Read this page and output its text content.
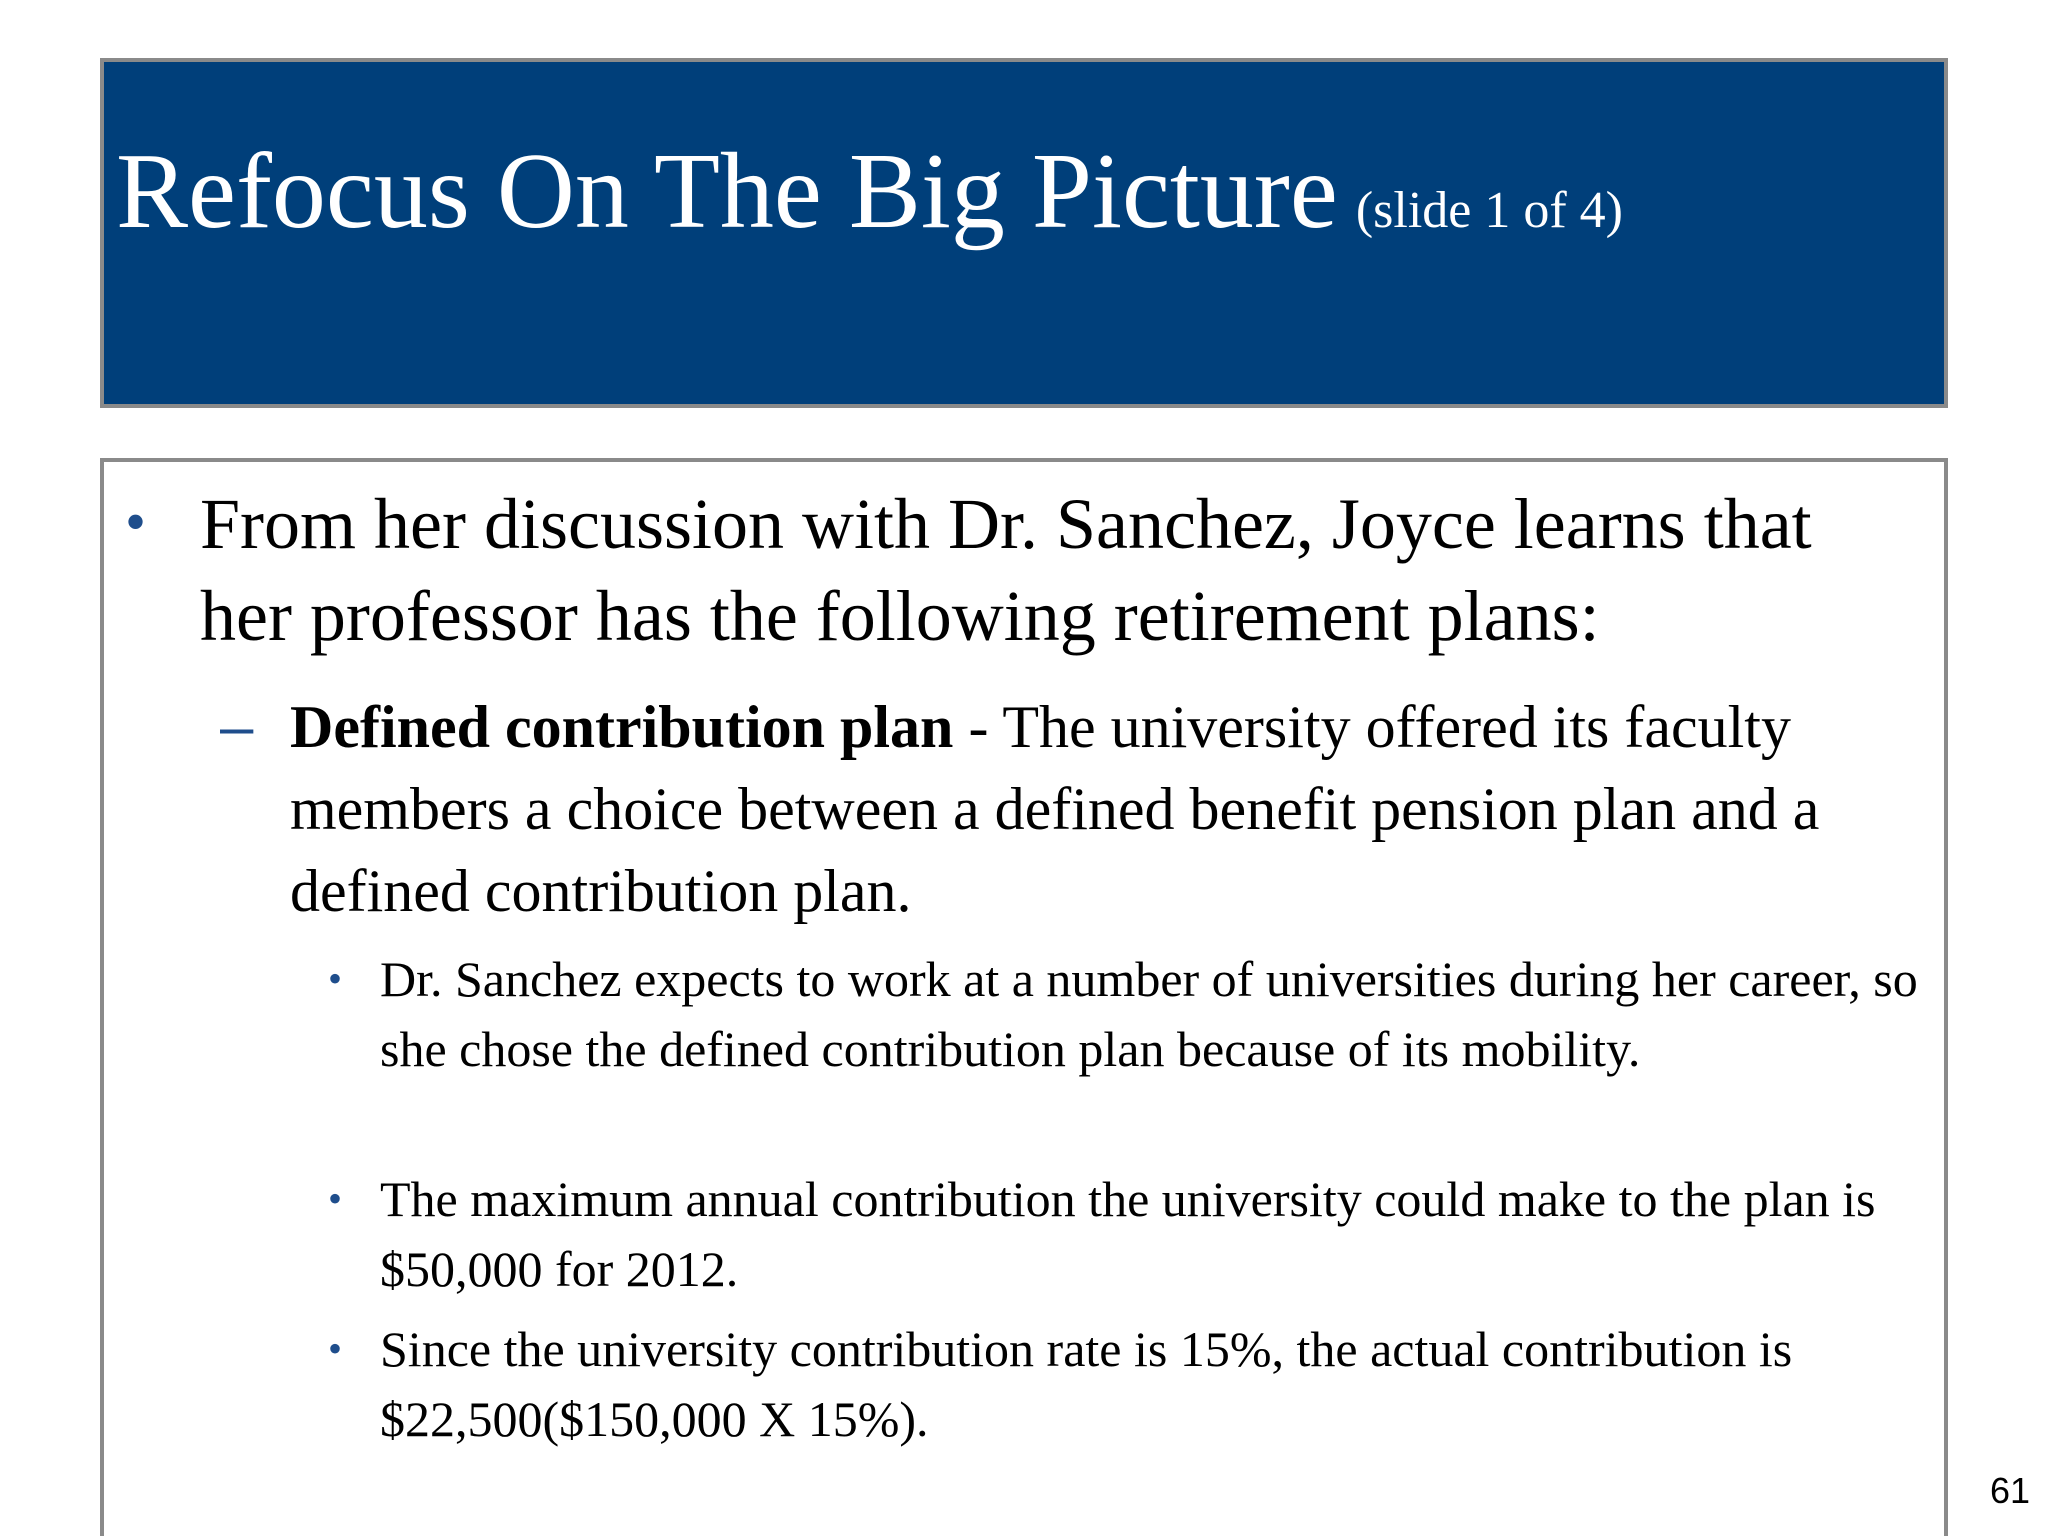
Refocus On The Big Picture (slide 1 of 4)
• From her discussion with Dr. Sanchez, Joyce learns that her professor has the following retirement plans:
– Defined contribution plan - The university offered its faculty members a choice between a defined benefit pension plan and a defined contribution plan.
• Dr. Sanchez expects to work at a number of universities during her career, so she chose the defined contribution plan because of its mobility.
• The maximum annual contribution the university could make to the plan is $50,000 for 2012.
• Since the university contribution rate is 15%, the actual contribution is $22,500($150,000 X 15%).
61
